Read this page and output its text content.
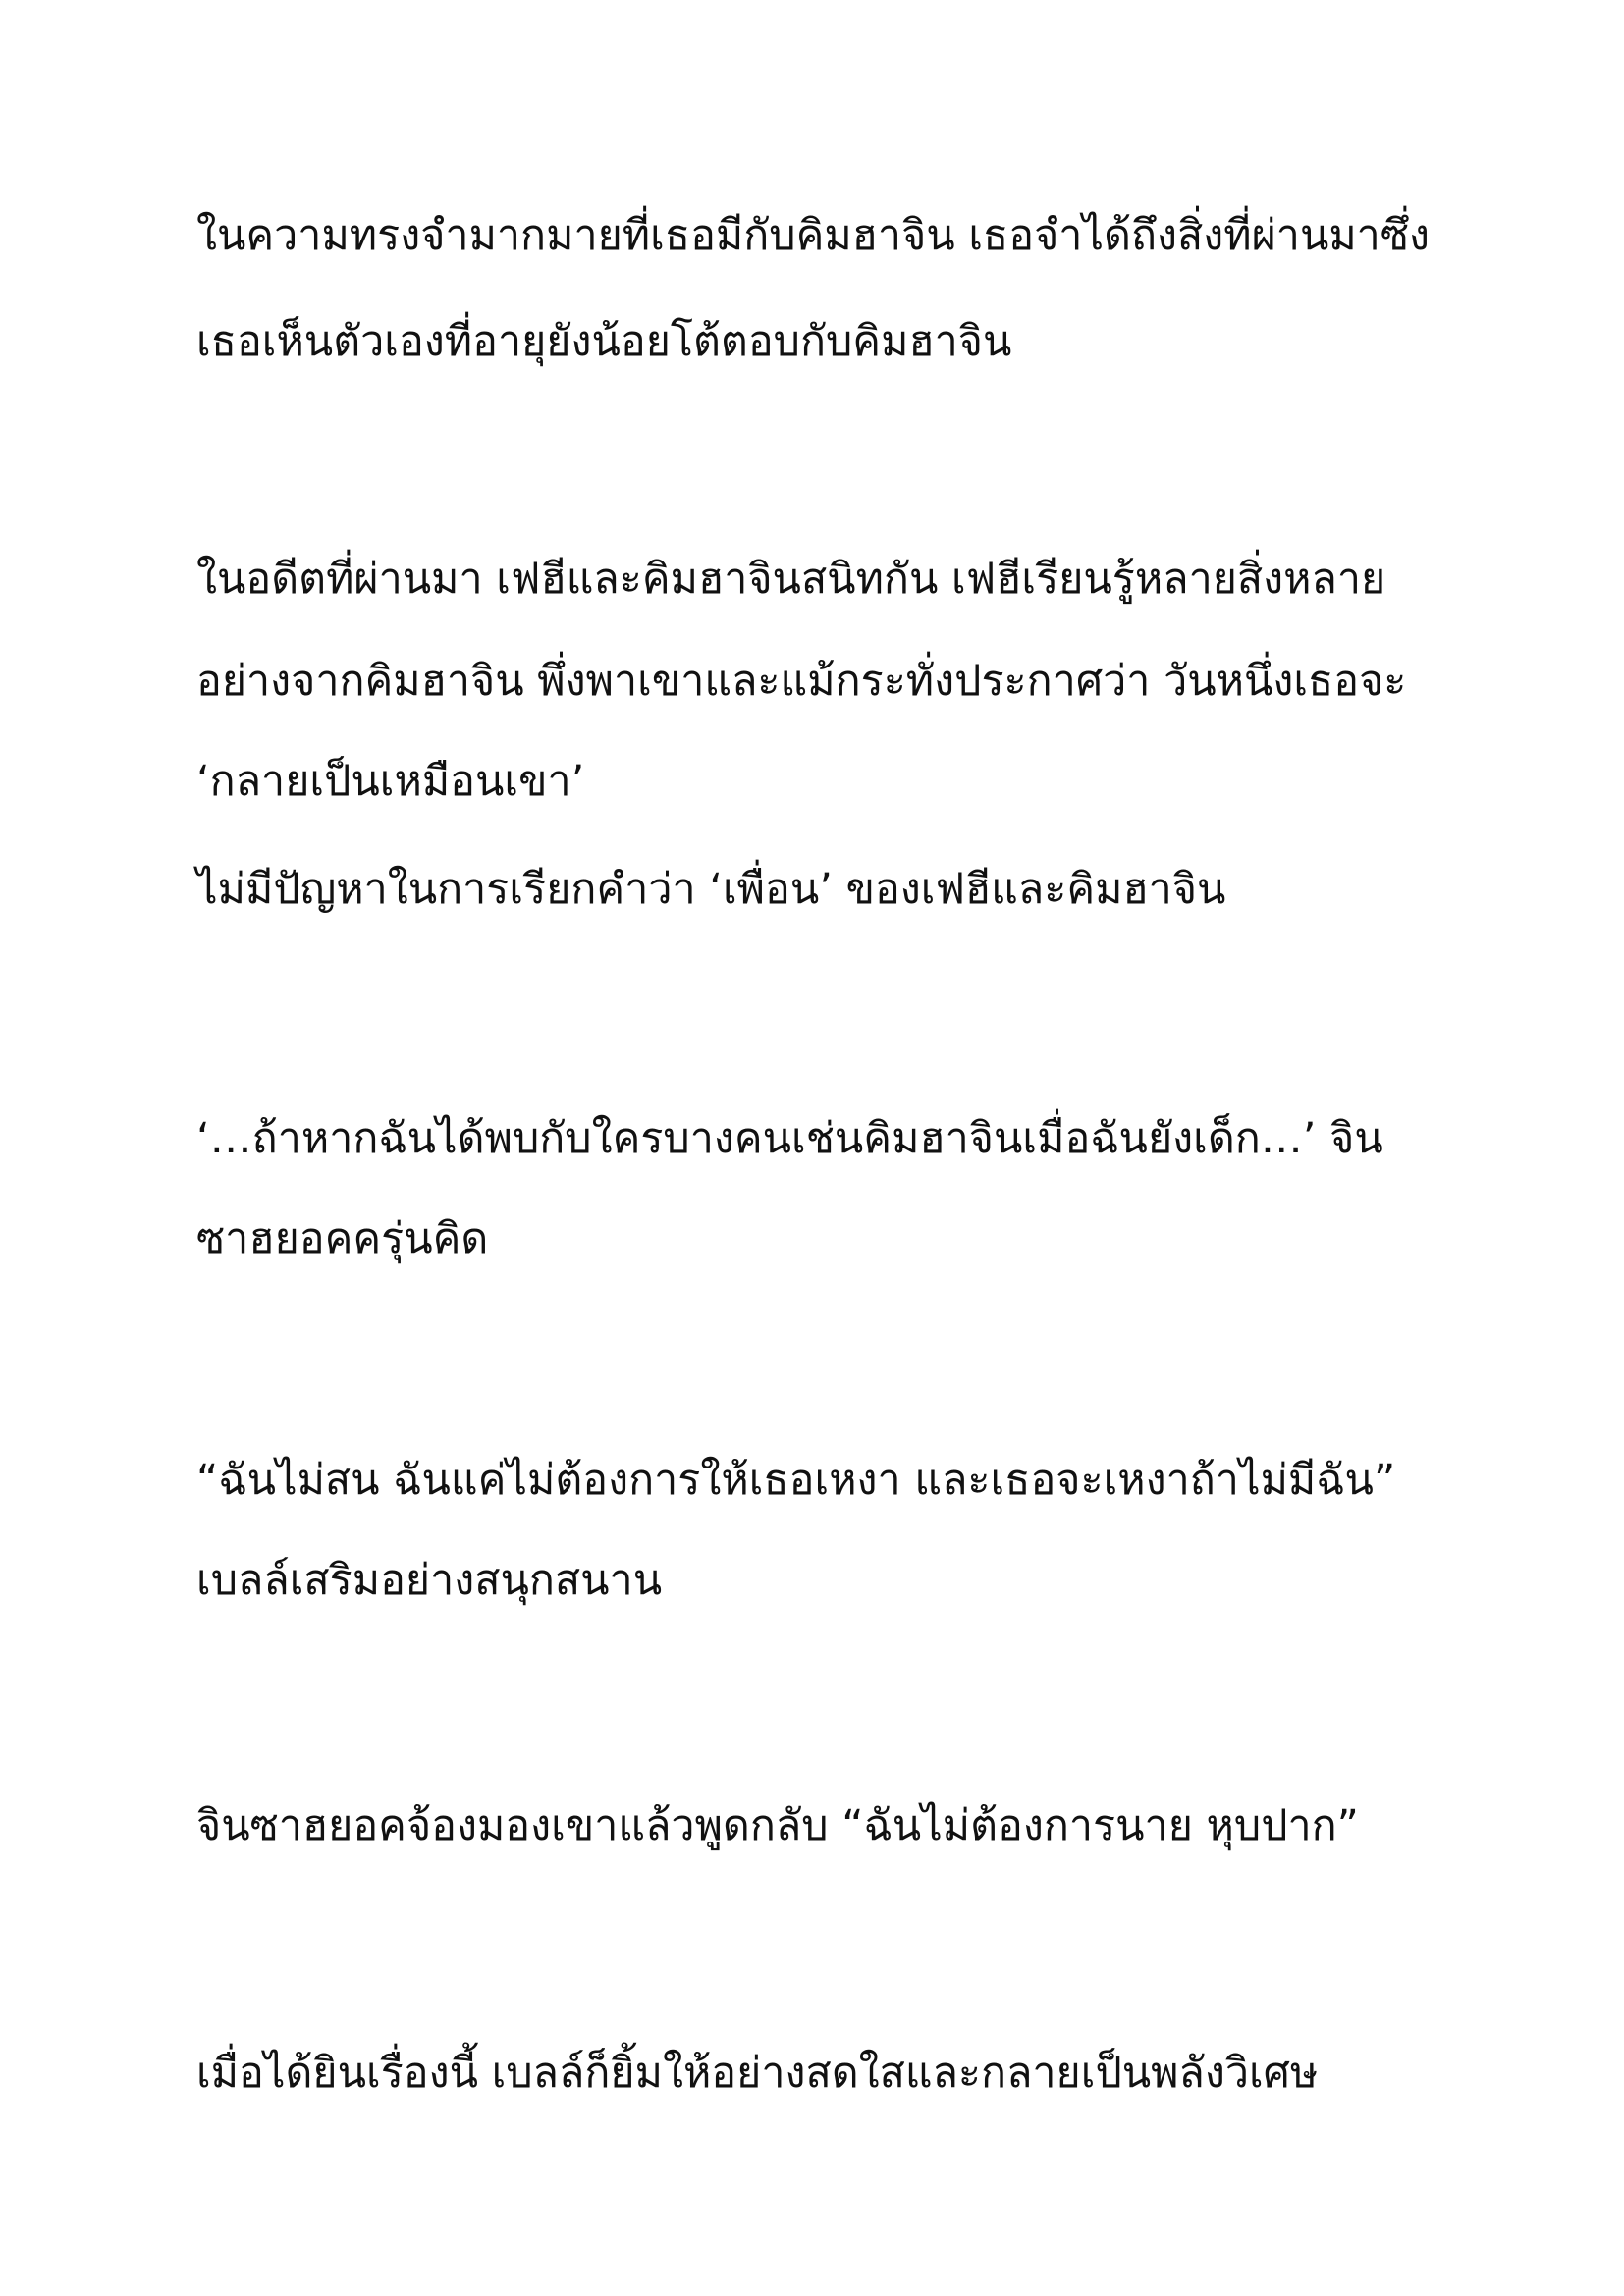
ในความทรงจำมากมายที่เธอมีกับคิมฮาจิน เธอจำได้ถึงสิ่งที่ผ่านมาซึ่ง

เธอเห็นตัวเองที่อายุยังน้อยโต้ตอบกับคิมฮาจิน

ในอดีตที่ผ่านมา เฟฮีและคิมฮาจินสนิทกัน เฟฮีเรียนรู้หลายสิ่งหลาย

อย่างจากคิมฮาจิน พึ่งพาเขาและแม้กระทั่งประกาศว่า วันหนึ่งเธอจะ

‘กลายเป็นเหมือนเขา’

ไม่มีปัญหาในการเรียกคำว่า ‘เพื่อน’ ของเฟฮีและคิมฮาจิน

‘…ถ้าหากฉันได้พบกับใครบางคนเช่นคิมฮาจินเมื่อฉันยังเด็ก…’ จิน

ซาฮยอคครุ่นคิด

“ฉันไม่สน ฉันแค่ไม่ต้องการให้เธอเหงา และเธอจะเหงาถ้าไม่มีฉัน”

เบลล์เสริมอย่างสนุกสนาน

จินซาฮยอคจ้องมองเขาแล้วพูดกลับ “ฉันไม่ต้องการนาย หุบปาก”

เมื่อได้ยินเรื่องนี้ เบลล์ก็ยิ้มให้อย่างสดใสและกลายเป็นพลังวิเศษ
